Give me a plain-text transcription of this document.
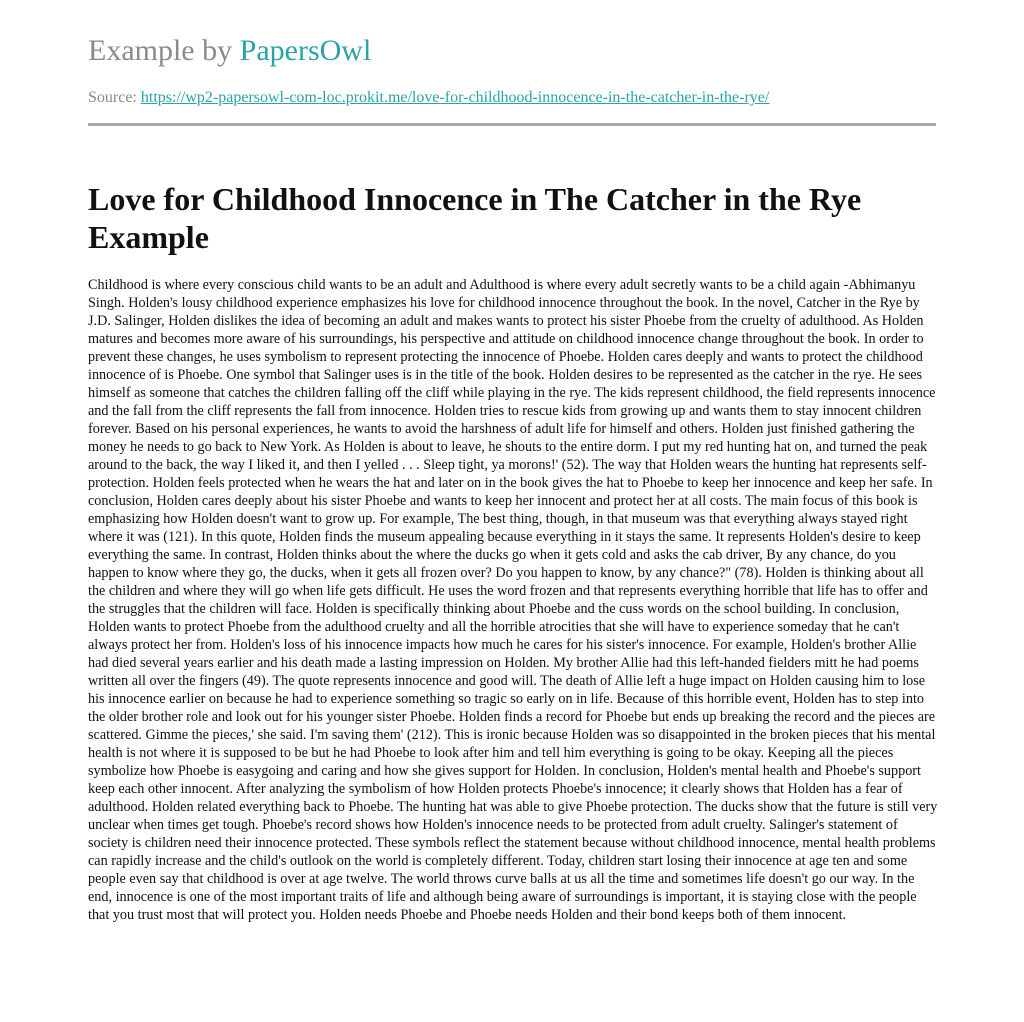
Example by PapersOwl
Source: https://wp2-papersowl-com-loc.prokit.me/love-for-childhood-innocence-in-the-catcher-in-the-rye/
Love for Childhood Innocence in The Catcher in the Rye Example

Childhood is where every conscious child wants to be an adult and Adulthood is where every adult secretly wants to be a child again -Abhimanyu Singh. Holden's lousy childhood experience emphasizes his love for childhood innocence throughout the book. In the novel, Catcher in the Rye by J.D. Salinger, Holden dislikes the idea of becoming an adult and makes wants to protect his sister Phoebe from the cruelty of adulthood. As Holden matures and becomes more aware of his surroundings, his perspective and attitude on childhood innocence change throughout the book. In order to prevent these changes, he uses symbolism to represent protecting the innocence of Phoebe. Holden cares deeply and wants to protect the childhood innocence of is Phoebe. One symbol that Salinger uses is in the title of the book. Holden desires to be represented as the catcher in the rye. He sees himself as someone that catches the children falling off the cliff while playing in the rye. The kids represent childhood, the field represents innocence and the fall from the cliff represents the fall from innocence. Holden tries to rescue kids from growing up and wants them to stay innocent children forever. Based on his personal experiences, he wants to avoid the harshness of adult life for himself and others. Holden just finished gathering the money he needs to go back to New York. As Holden is about to leave, he shouts to the entire dorm. I put my red hunting hat on, and turned the peak around to the back, the way I liked it, and then I yelled . . . Sleep tight, ya morons!' (52). The way that Holden wears the hunting hat represents self-protection. Holden feels protected when he wears the hat and later on in the book gives the hat to Phoebe to keep her innocence and keep her safe. In conclusion, Holden cares deeply about his sister Phoebe and wants to keep her innocent and protect her at all costs. The main focus of this book is emphasizing how Holden doesn't want to grow up. For example, The best thing, though, in that museum was that everything always stayed right where it was (121). In this quote, Holden finds the museum appealing because everything in it stays the same. It represents Holden's desire to keep everything the same. In contrast, Holden thinks about the where the ducks go when it gets cold and asks the cab driver, By any chance, do you happen to know where they go, the ducks, when it gets all frozen over? Do you happen to know, by any chance?" (78). Holden is thinking about all the children and where they will go when life gets difficult. He uses the word frozen and that represents everything horrible that life has to offer and the struggles that the children will face. Holden is specifically thinking about Phoebe and the cuss words on the school building. In conclusion, Holden wants to protect Phoebe from the adulthood cruelty and all the horrible atrocities that she will have to experience someday that he can't always protect her from. Holden's loss of his innocence impacts how much he cares for his sister's innocence. For example, Holden's brother Allie had died several years earlier and his death made a lasting impression on Holden. My brother Allie had this left-handed fielders mitt he had poems written all over the fingers (49). The quote represents innocence and good will. The death of Allie left a huge impact on Holden causing him to lose his innocence earlier on because he had to experience something so tragic so early on in life. Because of this horrible event, Holden has to step into the older brother role and look out for his younger sister Phoebe. Holden finds a record for Phoebe but ends up breaking the record and the pieces are scattered. Gimme the pieces,' she said. I'm saving them' (212). This is ironic because Holden was so disappointed in the broken pieces that his mental health is not where it is supposed to be but he had Phoebe to look after him and tell him everything is going to be okay. Keeping all the pieces symbolize how Phoebe is easygoing and caring and how she gives support for Holden. In conclusion, Holden's mental health and Phoebe's support keep each other innocent. After analyzing the symbolism of how Holden protects Phoebe's innocence; it clearly shows that Holden has a fear of adulthood. Holden related everything back to Phoebe. The hunting hat was able to give Phoebe protection. The ducks show that the future is still very unclear when times get tough. Phoebe's record shows how Holden's innocence needs to be protected from adult cruelty. Salinger's statement of society is children need their innocence protected. These symbols reflect the statement because without childhood innocence, mental health problems can rapidly increase and the child's outlook on the world is completely different. Today, children start losing their innocence at age ten and some people even say that childhood is over at age twelve. The world throws curve balls at us all the time and sometimes life doesn't go our way. In the end, innocence is one of the most important traits of life and although being aware of surroundings is important, it is staying close with the people that you trust most that will protect you. Holden needs Phoebe and Phoebe needs Holden and their bond keeps both of them innocent.
